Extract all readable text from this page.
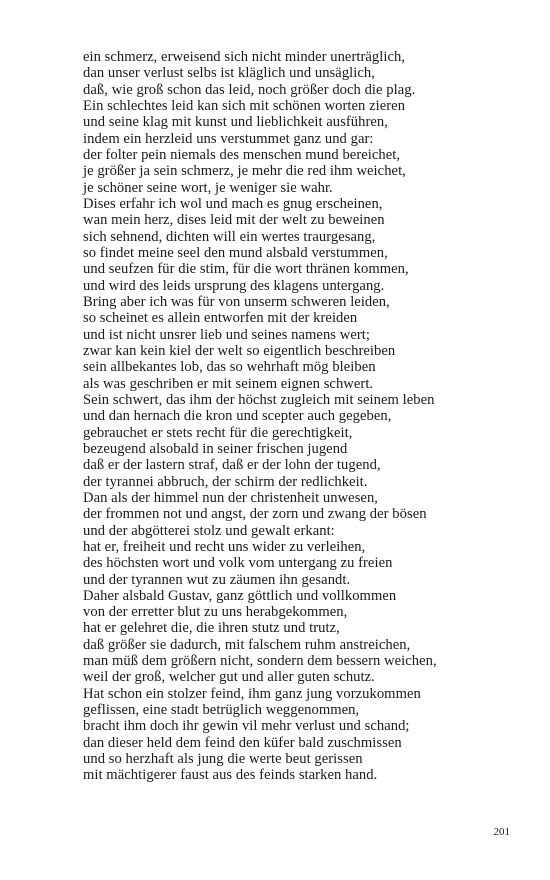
ein schmerz, erweisend sich nicht minder unerträglich,
dan unser verlust selbs ist kläglich und unsäglich,
daß, wie groß schon das leid, noch größer doch die plag.
Ein schlechtes leid kan sich mit schönen worten zieren
und seine klag mit kunst und lieblichkeit ausführen,
indem ein herzleid uns verstummet ganz und gar:
der folter pein niemals des menschen mund bereichet,
je größer ja sein schmerz, je mehr die red ihm weichet,
je schöner seine wort, je weniger sie wahr.
Dises erfahr ich wol und mach es gnug erscheinen,
wan mein herz, dises leid mit der welt zu beweinen
sich sehnend, dichten will ein wertes traurgesang,
so findet meine seel den mund alsbald verstummen,
und seufzen für die stim, für die wort thränen kommen,
und wird des leids ursprung des klagens untergang.
Bring aber ich was für von unserm schweren leiden,
so scheinet es allein entworfen mit der kreiden
und ist nicht unsrer lieb und seines namens wert;
zwar kan kein kiel der welt so eigentlich beschreiben
sein allbekantes lob, das so wehrhaft mög bleiben
als was geschriben er mit seinem eignen schwert.
Sein schwert, das ihm der höchst zugleich mit seinem leben
und dan hernach die kron und scepter auch gegeben,
gebrauchet er stets recht für die gerechtigkeit,
bezeugend alsobald in seiner frischen jugend
daß er der lastern straf, daß er der lohn der tugend,
der tyrannei abbruch, der schirm der redlichkeit.
Dan als der himmel nun der christenheit unwesen,
der frommen not und angst, der zorn und zwang der bösen
und der abgötterei stolz und gewalt erkant:
hat er, freiheit und recht uns wider zu verleihen,
des höchsten wort und volk vom untergang zu freien
und der tyrannen wut zu zäumen ihn gesandt.
Daher alsbald Gustav, ganz göttlich und vollkommen
von der erretter blut zu uns herabgekommen,
hat er gelehret die, die ihren stutz und trutz,
daß größer sie dadurch, mit falschem ruhm anstreichen,
man müß dem größern nicht, sondern dem bessern weichen,
weil der groß, welcher gut und aller guten schutz.
Hat schon ein stolzer feind, ihm ganz jung vorzukommen
geflissen, eine stadt betrüglich weggenommen,
bracht ihm doch ihr gewin vil mehr verlust und schand;
dan dieser held dem feind den küfer bald zuschmissen
und so herzhaft als jung die werte beut gerissen
mit mächtigerer faust aus des feinds starken hand.
201
